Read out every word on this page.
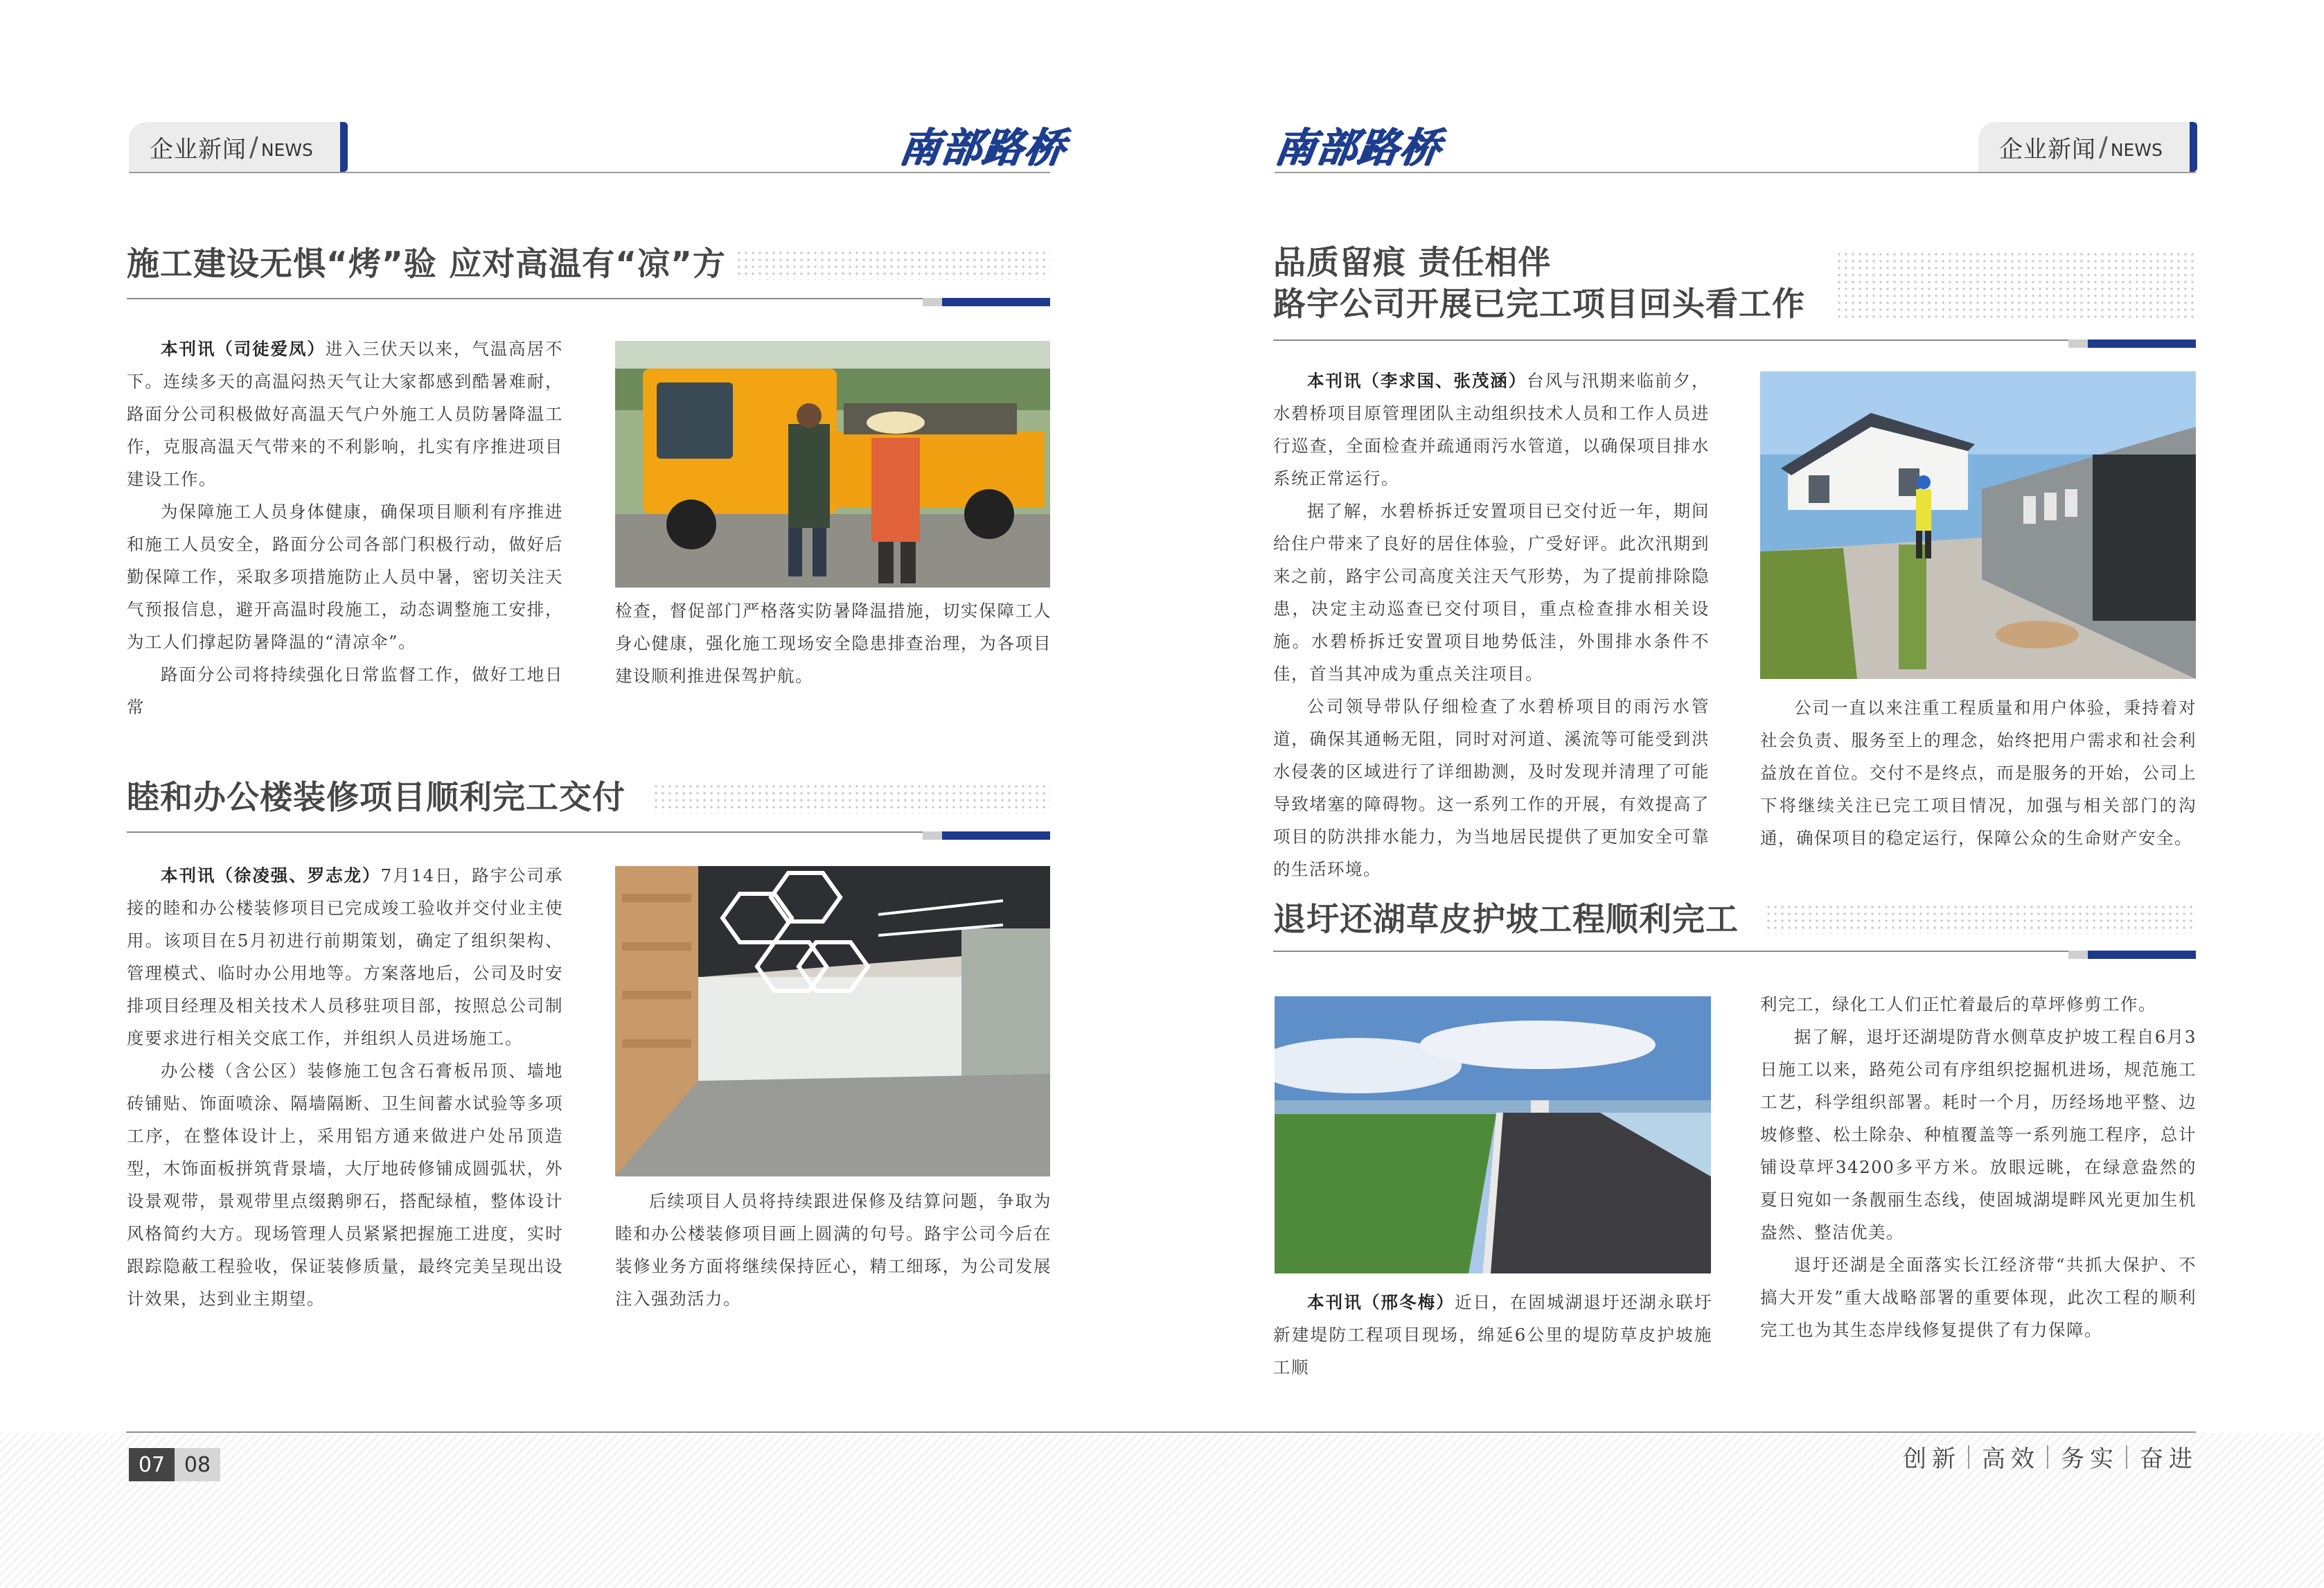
企业新闻 / NEWS	南部路桥	南部路桥	企业新闻 / NEWS
施工建设无惧“烤”验 应对高温有“凉”方

本刊讯（司徒爱凤）进入三伏天以来，气温高居不下。连续多天的高温闷热天气让大家都感到酷暑难耐，路面分公司积极做好高温天气户外施工人员防暑降温工作，克服高温天气带来的不利影响，扎实有序推进项目建设工作。

为保障施工人员身体健康，确保项目顺利有序推进和施工人员安全，路面分公司各部门积极行动，做好后勤保障工作，采取多项措施防止人员中暑，密切关注天气预报信息，避开高温时段施工，动态调整施工安排，为工人们撑起防暑降温的“清凉伞”。

路面分公司将持续强化日常监督工作，做好工地日常

检查，督促部门严格落实防暑降温措施，切实保障工人身心健康，强化施工现场安全隐患排查治理，为各项目建设顺利推进保驾护航。

睦和办公楼装修项目顺利完工交付

本刊讯（徐凌强、罗志龙）7月14日，路宇公司承接的睦和办公楼装修项目已完成竣工验收并交付业主使用。该项目在5月初进行前期策划，确定了组织架构、管理模式、临时办公用地等。方案落地后，公司及时安排项目经理及相关技术人员移驻项目部，按照总公司制度要求进行相关交底工作，并组织人员进场施工。

办公楼（含公区）装修施工包含石膏板吊顶、墙地砖铺贴、饰面喷涂、隔墙隔断、卫生间蓄水试验等多项工序，在整体设计上，采用铝方通来做进户处吊顶造型，木饰面板拼筑背景墙，大厅地砖修铺成圆弧状，外设景观带，景观带里点缀鹅卵石，搭配绿植，整体设计风格简约大方。现场管理人员紧紧把握施工进度，实时跟踪隐蔽工程验收，保证装修质量，最终完美呈现出设计效果，达到业主期望。

后续项目人员将持续跟进保修及结算问题，争取为睦和办公楼装修项目画上圆满的句号。路宇公司今后在装修业务方面将继续保持匠心，精工细琢，为公司发展注入强劲活力。

品质留痕 责任相伴
路宇公司开展已完工项目回头看工作

本刊讯（李求国、张茂涵）台风与汛期来临前夕，水碧桥项目原管理团队主动组织技术人员和工作人员进行巡查，全面检查并疏通雨污水管道，以确保项目排水系统正常运行。

据了解，水碧桥拆迁安置项目已交付近一年，期间给住户带来了良好的居住体验，广受好评。此次汛期到来之前，路宇公司高度关注天气形势，为了提前排除隐患，决定主动巡查已交付项目，重点检查排水相关设施。水碧桥拆迁安置项目地势低洼，外围排水条件不佳，首当其冲成为重点关注项目。

公司领导带队仔细检查了水碧桥项目的雨污水管道，确保其通畅无阻，同时对河道、溪流等可能受到洪水侵袭的区域进行了详细勘测，及时发现并清理了可能导致堵塞的障碍物。这一系列工作的开展，有效提高了项目的防洪排水能力，为当地居民提供了更加安全可靠的生活环境。

公司一直以来注重工程质量和用户体验，秉持着对社会负责、服务至上的理念，始终把用户需求和社会利益放在首位。交付不是终点，而是服务的开始，公司上下将继续关注已完工项目情况，加强与相关部门的沟通，确保项目的稳定运行，保障公众的生命财产安全。

退圩还湖草皮护坡工程顺利完工

本刊讯（邢冬梅）近日，在固城湖退圩还湖永联圩新建堤防工程项目现场，绵延6公里的堤防草皮护坡施工顺

利完工，绿化工人们正忙着最后的草坪修剪工作。

据了解，退圩还湖堤防背水侧草皮护坡工程自6月3日施工以来，路苑公司有序组织挖掘机进场，规范施工工艺，科学组织部署。耗时一个月，历经场地平整、边坡修整、松土除杂、种植覆盖等一系列施工程序，总计铺设草坪34200多平方米。放眼远眺，在绿意盎然的夏日宛如一条靓丽生态线，使固城湖堤畔风光更加生机盎然、整洁优美。

退圩还湖是全面落实长江经济带“共抓大保护、不搞大开发”重大战略部署的重要体现，此次工程的顺利完工也为其生态岸线修复提供了有力保障。

07 08	创新 高效 务实 奋进
